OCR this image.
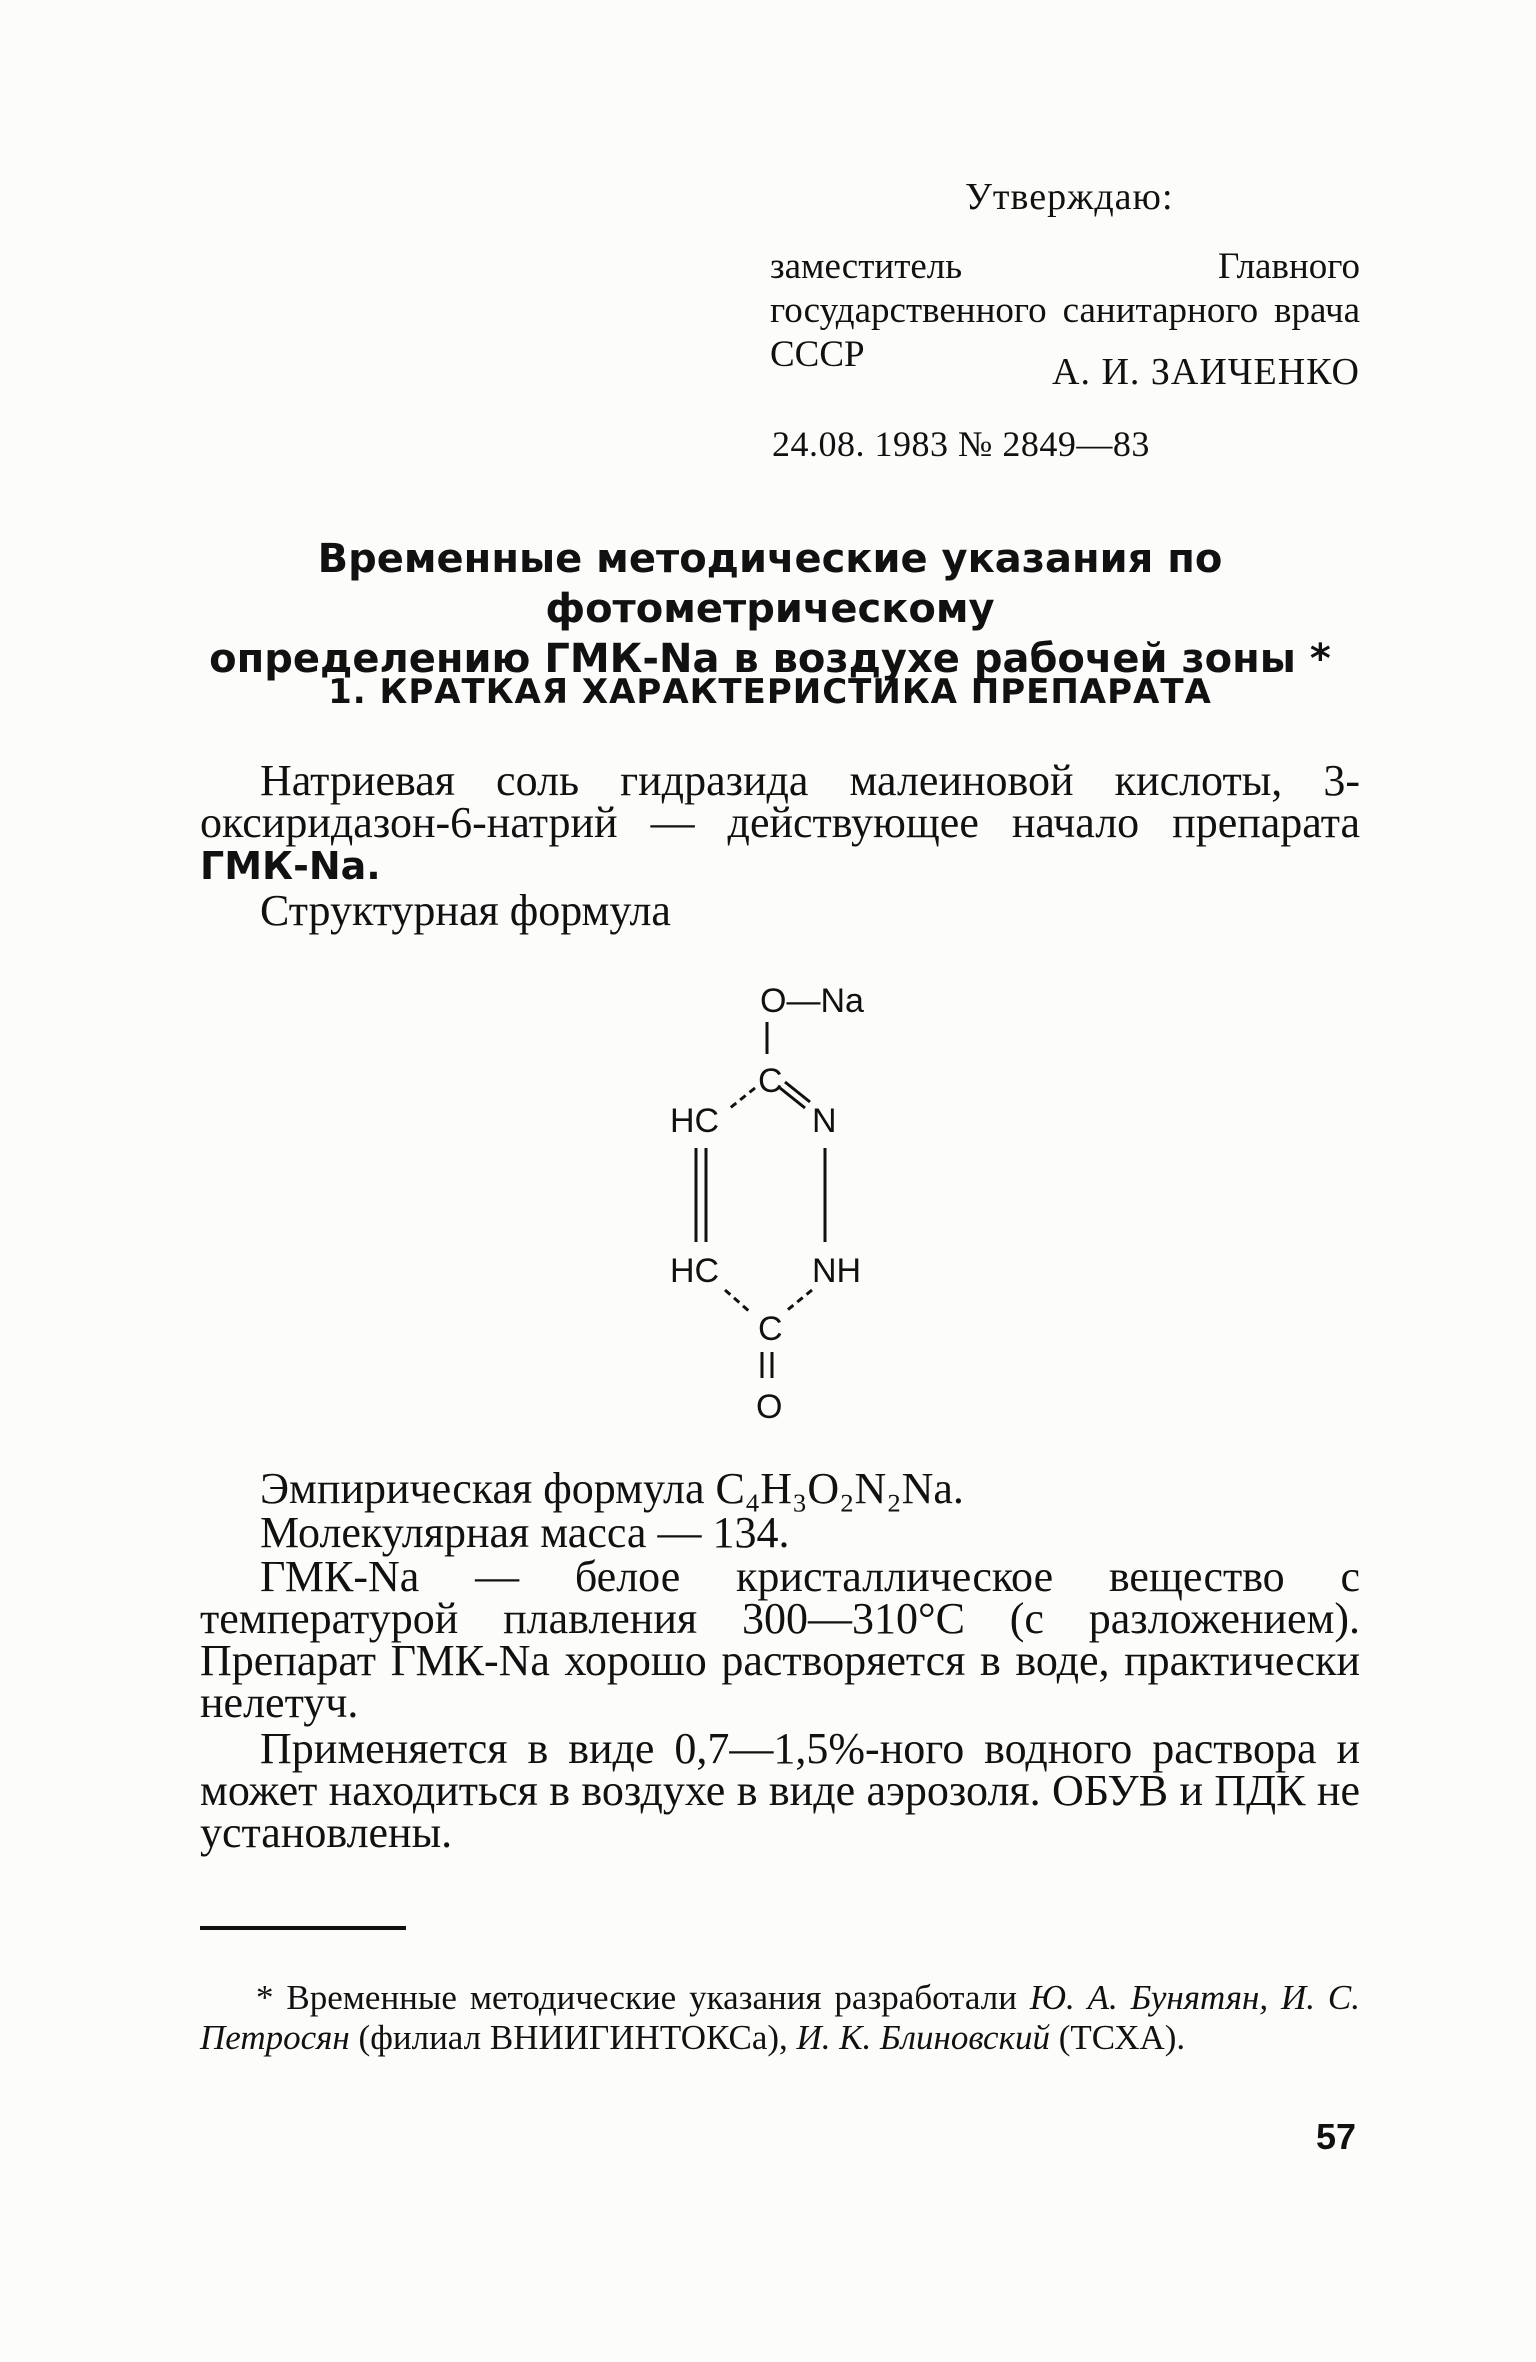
Утверждаю:
заместитель Главного государственного санитарного врача СССР	А. И. ЗАИЧЕНКО
24.08. 1983 № 2849—83
Временные методические указания по фотометрическому
определению ГМК-Na в воздухе рабочей зоны *
1. КРАТКАЯ ХАРАКТЕРИСТИКА ПРЕПАРАТА
Натриевая соль гидразида малеиновой кислоты, 3-оксиридазон-6-натрий — действующее начало препарата ГМК-Na.
Структурная формула
O—Na
C
HC	N
HC	NH
C
O
Эмпирическая формула C₄H₃O₂N₂Na.
Молекулярная масса — 134.
ГМК-Na — белое кристаллическое вещество с температурой плавления 300—310°С (с разложением). Препарат ГМК-Na хорошо растворяется в воде, практически нелетуч.
Применяется в виде 0,7—1,5%-ного водного раствора и может находиться в воздухе в виде аэрозоля. ОБУВ и ПДК не установлены.
* Временные методические указания разработали Ю. А. Бунятян, И. С. Петросян (филиал ВНИИГИНТОКСа), И. К. Блиновский (ТСХА).
57
